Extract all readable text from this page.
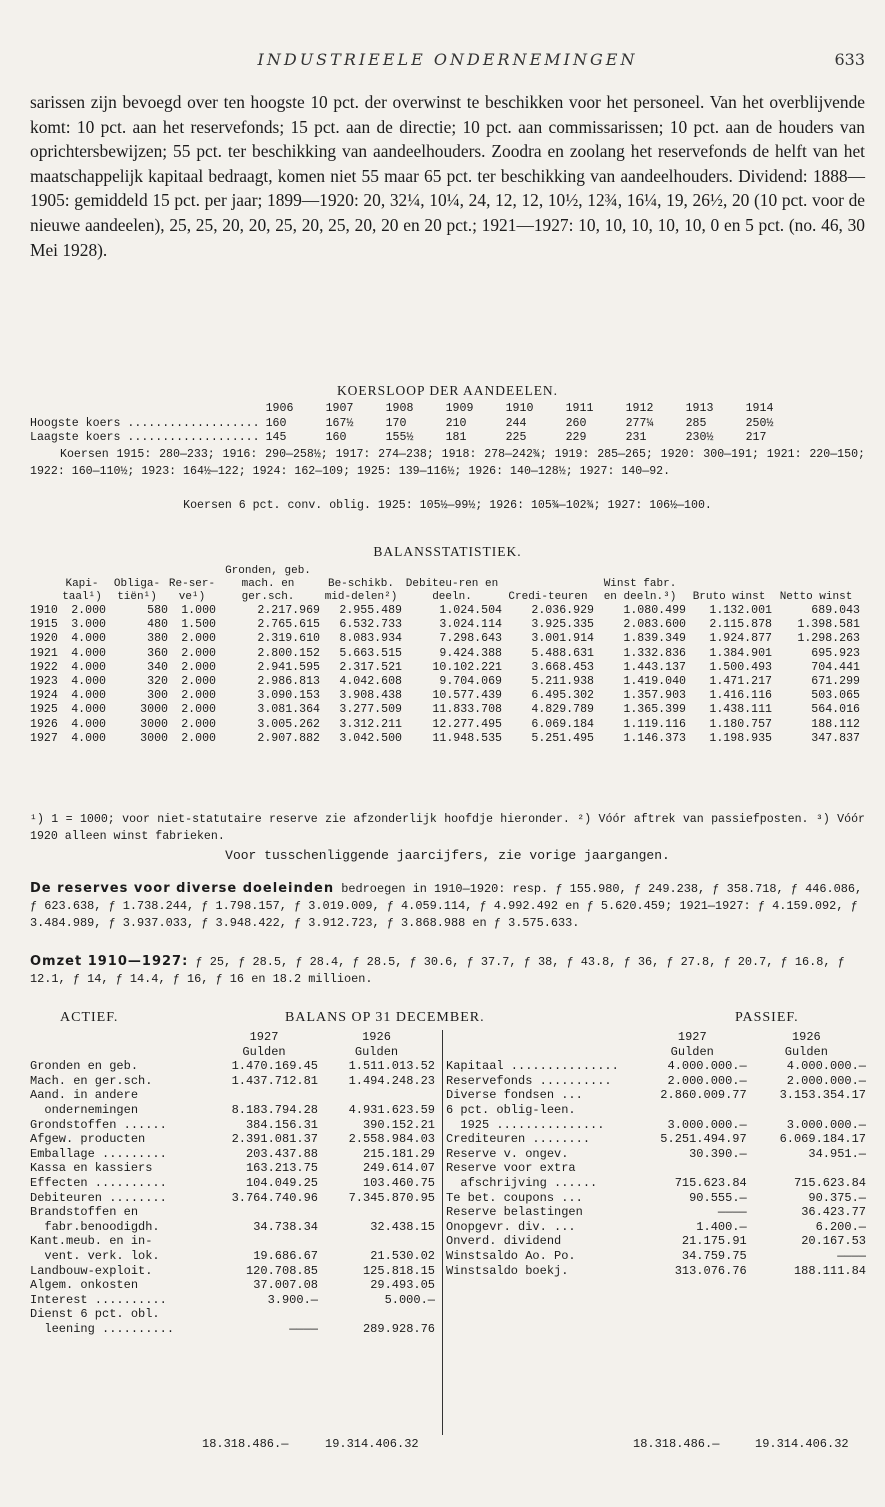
INDUSTRIEELE ONDERNEMINGEN	633

sarissen zijn bevoegd over ten hoogste 10 pct. der overwinst te beschikken voor het personeel. Van het overblijvende komt: 10 pct. aan het reservefonds; 15 pct. aan de directie; 10 pct. aan commissarissen; 10 pct. aan de houders van oprichtersbewijzen; 55 pct. ter beschikking van aandeelhouders. Zoodra en zoolang het reservefonds de helft van het maatschappelijk kapitaal bedraagt, komen niet 55 maar 65 pct. ter beschikking van aandeelhouders. Dividend: 1888—1905: gemiddeld 15 pct. per jaar; 1899—1920: 20, 32¼, 10¼, 24, 12, 12, 10½, 12¾, 16¼, 19, 26½, 20 (10 pct. voor de nieuwe aandeelen), 25, 25, 20, 20, 25, 20, 25, 20, 20 en 20 pct.; 1921—1927: 10, 10, 10, 10, 10, 0 en 5 pct. (no. 46, 30 Mei 1928).

KOERSLOOP DER AANDEELEN.
	1906	1907	1908	1909	1910	1911	1912	1913	1914
Hoogste koers ...................	160	167½	170	210	244	260	277¼	285	250½
Laagste koers ...................	145	160	155½	181	225	229	231	230½	217
Koersen 1915: 280—233; 1916: 290—258½; 1917: 274—238; 1918: 278—242¾; 1919: 285—265; 1920: 300—191; 1921: 220—150; 1922: 160—110½; 1923: 164½—122; 1924: 162—109; 1925: 139—116½; 1926: 140—128½; 1927: 140—92.
Koersen 6 pct. conv. oblig. 1925: 105½—99½; 1926: 105¾—102¾; 1927: 106½—100.
BALANSSTATISTIEK.
	Kapi-taal¹)	Obliga-tiën¹)	Re-ser-ve¹)	Gronden, geb. mach. en ger.sch.	Be-schikb. mid-delen²)	Debiteu-ren en deeln.	Credi-teuren	Winst fabr. en deeln.³)	Bruto winst	Netto winst
1910	2.000	580	1.000	2.217.969	2.955.489	1.024.504	2.036.929	1.080.499	1.132.001	689.043
1915	3.000	480	1.500	2.765.615	6.532.733	3.024.114	3.925.335	2.083.600	2.115.878	1.398.581
1920	4.000	380	2.000	2.319.610	8.083.934	7.298.643	3.001.914	1.839.349	1.924.877	1.298.263
1921	4.000	360	2.000	2.800.152	5.663.515	9.424.388	5.488.631	1.332.836	1.384.901	695.923
1922	4.000	340	2.000	2.941.595	2.317.521	10.102.221	3.668.453	1.443.137	1.500.493	704.441
1923	4.000	320	2.000	2.986.813	4.042.608	9.704.069	5.211.938	1.419.040	1.471.217	671.299
1924	4.000	300	2.000	3.090.153	3.908.438	10.577.439	6.495.302	1.357.903	1.416.116	503.065
1925	4.000	3000	2.000	3.081.364	3.277.509	11.833.708	4.829.789	1.365.399	1.438.111	564.016
1926	4.000	3000	2.000	3.005.262	3.312.211	12.277.495	6.069.184	1.119.116	1.180.757	188.112
1927	4.000	3000	2.000	2.907.882	3.042.500	11.948.535	5.251.495	1.146.373	1.198.935	347.837
¹) 1 = 1000; voor niet-statutaire reserve zie afzonderlijk hoofdje hieronder. ²) Vóór aftrek van passiefposten. ³) Vóór 1920 alleen winst fabrieken.
Voor tusschenliggende jaarcijfers, zie vorige jaargangen.
De reserves voor diverse doeleinden bedroegen in 1910—1920: resp. ƒ 155.980, ƒ 249.238, ƒ 358.718, ƒ 446.086, ƒ 623.638, ƒ 1.738.244, ƒ 1.798.157, ƒ 3.019.009, ƒ 4.059.114, ƒ 4.992.492 en ƒ 5.620.459; 1921—1927: ƒ 4.159.092, ƒ 3.484.989, ƒ 3.937.033, ƒ 3.948.422, ƒ 3.912.723, ƒ 3.868.988 en ƒ 3.575.633.
Omzet 1910—1927: ƒ 25, ƒ 28.5, ƒ 28.4, ƒ 28.5, ƒ 30.6, ƒ 37.7, ƒ 38, ƒ 43.8, ƒ 36, ƒ 27.8, ƒ 20.7, ƒ 16.8, ƒ 12.1, ƒ 14, ƒ 14.4, ƒ 16, ƒ 16 en 18.2 millioen.
ACTIEF.	BALANS OP 31 DECEMBER.	PASSIEF.
	1927	1926
	Gulden	Gulden
Gronden en geb.	1.470.169.45	1.511.013.52
Mach. en ger.sch.	1.437.712.81	1.494.248.23
Aand. in andere		
ondernemingen	8.183.794.28	4.931.623.59
Grondstoffen ......	384.156.31	390.152.21
Afgew. producten	2.391.081.37	2.558.984.03
Emballage .........	203.437.88	215.181.29
Kassa en kassiers	163.213.75	249.614.07
Effecten ..........	104.049.25	103.460.75
Debiteuren ........	3.764.740.96	7.345.870.95
Brandstoffen en		
fabr.benoodigdh.	34.738.34	32.438.15
Kant.meub. en in-		
vent. verk. lok.	19.686.67	21.530.02
Landbouw-exploit.	120.708.85	125.818.15
Algem. onkosten	37.007.08	29.493.05
Interest ..........	3.900.—	5.000.—
Dienst 6 pct. obl.		
leening ..........	————	289.928.76
	1927	1926
	Gulden	Gulden
Kapitaal ...............	4.000.000.—	4.000.000.—
Reservefonds ..........	2.000.000.—	2.000.000.—
Diverse fondsen ...	2.860.009.77	3.153.354.17
6 pct. oblig-leen.		
1925 ...............	3.000.000.—	3.000.000.—
Crediteuren ........	5.251.494.97	6.069.184.17
Reserve v. ongev.	30.390.—	34.951.—
Reserve voor extra		
afschrijving ......	715.623.84	715.623.84
Te bet. coupons ...	90.555.—	90.375.—
Reserve belastingen	————	36.423.77
Onopgevr. div. ...	1.400.—	6.200.—
Onverd. dividend	21.175.91	20.167.53
Winstsaldo Ao. Po.	34.759.75	————
Winstsaldo boekj.	313.076.76	188.111.84
18.318.486.—	19.314.406.32	18.318.486.—	19.314.406.32
